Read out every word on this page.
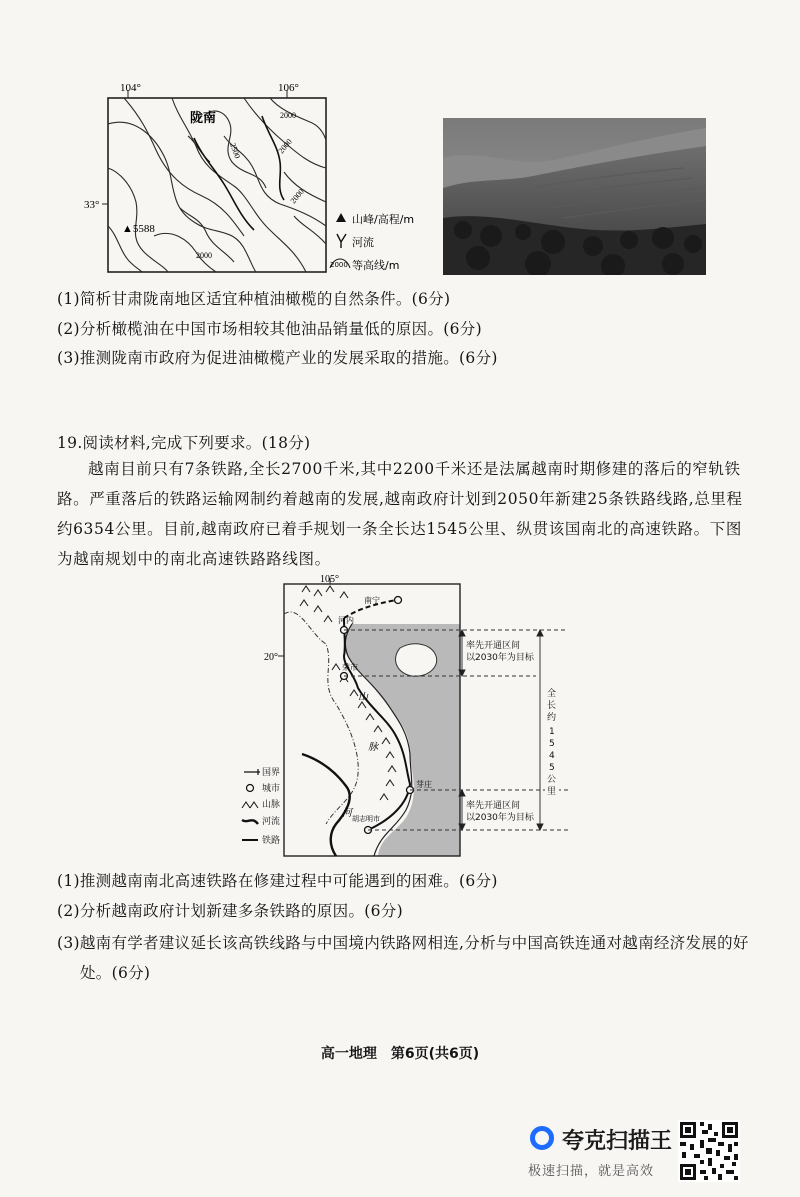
104°	106°
33°
陇南
▲5588
2000
2500	2000
2000
2000
山峰/高程/m
河流
2000 等高线/m
(1)简析甘肃陇南地区适宜种植油橄榄的自然条件。(6分)
(2)分析橄榄油在中国市场相较其他油品销量低的原因。(6分)
(3)推测陇南市政府为促进油橄榄产业的发展采取的措施。(6分)
19.阅读材料,完成下列要求。(18分)
越南目前只有7条铁路,全长2700千米,其中2200千米还是法属越南时期修建的落后的窄轨铁路。严重落后的铁路运输网制约着越南的发展,越南政府计划到2050年新建25条铁路线路,总里程约6354公里。目前,越南政府已着手规划一条全长达1545公里、纵贯该国南北的高速铁路。下图为越南规划中的南北高速铁路路线图。
105°
20°
山
脉
河
南宁
河内
荣市
芽庄
胡志明市
率先开通区间
以2030年为目标
率先开通区间
以2030年为目标
全
长
约
1
5
4
5
公
里
国界
城市
山脉
河流
铁路
(1)推测越南南北高速铁路在修建过程中可能遇到的困难。(6分)
(2)分析越南政府计划新建多条铁路的原因。(6分)
(3)越南有学者建议延长该高铁线路与中国境内铁路网相连,分析与中国高铁连通对越南经济发展的好处。(6分)
高一地理　第6页(共6页)
夸克扫描王
极速扫描，就是高效
